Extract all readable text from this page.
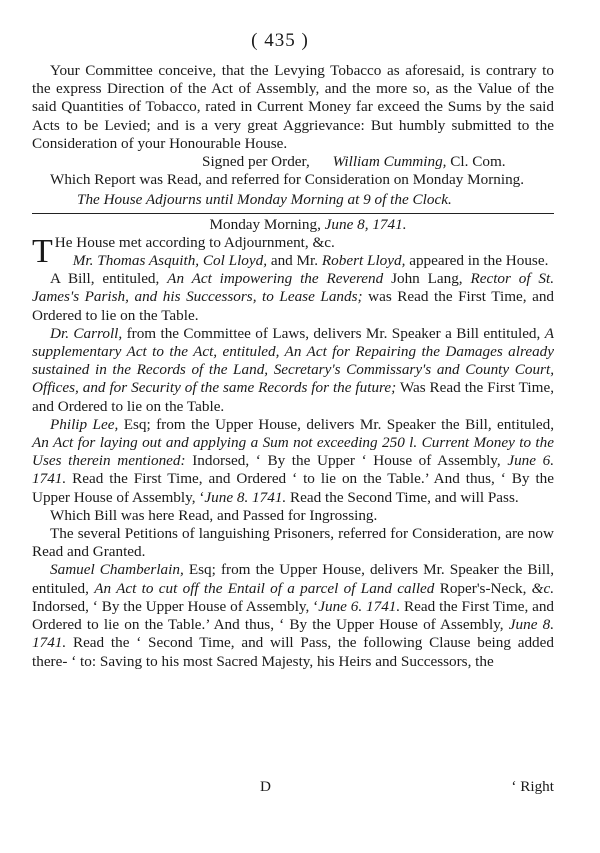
( 435 )

Your Committee conceive, that the Levying Tobacco as aforesaid, is contrary to the express Direction of the Act of Assembly, and the more so, as the Value of the said Quantities of Tobacco, rated in Current Money far exceed the Sums by the said Acts to be Levied; and is a very great Aggrievance: But humbly submitted to the Consideration of your Honourable House.

Signed per Order, William Cumming, Cl. Com.

Which Report was Read, and referred for Consideration on Monday Morning.

The House Adjourns until Monday Morning at 9 of the Clock.

Monday Morning, June 8, 1741.

T He House met according to Adjournment, &c.

Mr. Thomas Asquith, Col Lloyd, and Mr. Robert Lloyd, appeared in the House.

A Bill, entituled, An Act impowering the Reverend John Lang, Rector of St. James's Parish, and his Successors, to Lease Lands; was Read the First Time, and Ordered to lie on the Table.

Dr. Carroll, from the Committee of Laws, delivers Mr. Speaker a Bill entituled, A supplementary Act to the Act, entituled, An Act for Repairing the Damages already sustained in the Records of the Land, Secretary's Commissary's and County Court, Offices, and for Security of the same Records for the future; Was Read the First Time, and Ordered to lie on the Table.

Philip Lee, Esq; from the Upper House, delivers Mr. Speaker the Bill, entituled, An Act for laying out and applying a Sum not exceeding 250 l. Current Money to the Uses therein mentioned: Indorsed, ‘ By the Upper ‘ House of Assembly, June 6. 1741. Read the First Time, and Ordered ‘ to lie on the Table.’ And thus, ‘ By the Upper House of Assembly, ‘June 8. 1741. Read the Second Time, and will Pass.

Which Bill was here Read, and Passed for Ingrossing.

The several Petitions of languishing Prisoners, referred for Consideration, are now Read and Granted.

Samuel Chamberlain, Esq; from the Upper House, delivers Mr. Speaker the Bill, entituled, An Act to cut off the Entail of a parcel of Land called Roper's-Neck, &c. Indorsed, ‘ By the Upper House of Assembly, ‘June 6. 1741. Read the First Time, and Ordered to lie on the Table.’ And thus, ‘ By the Upper House of Assembly, June 8. 1741. Read the ‘ Second Time, and will Pass, the following Clause being added there- ‘ to: Saving to his most Sacred Majesty, his Heirs and Successors, the

D	‘ Right
